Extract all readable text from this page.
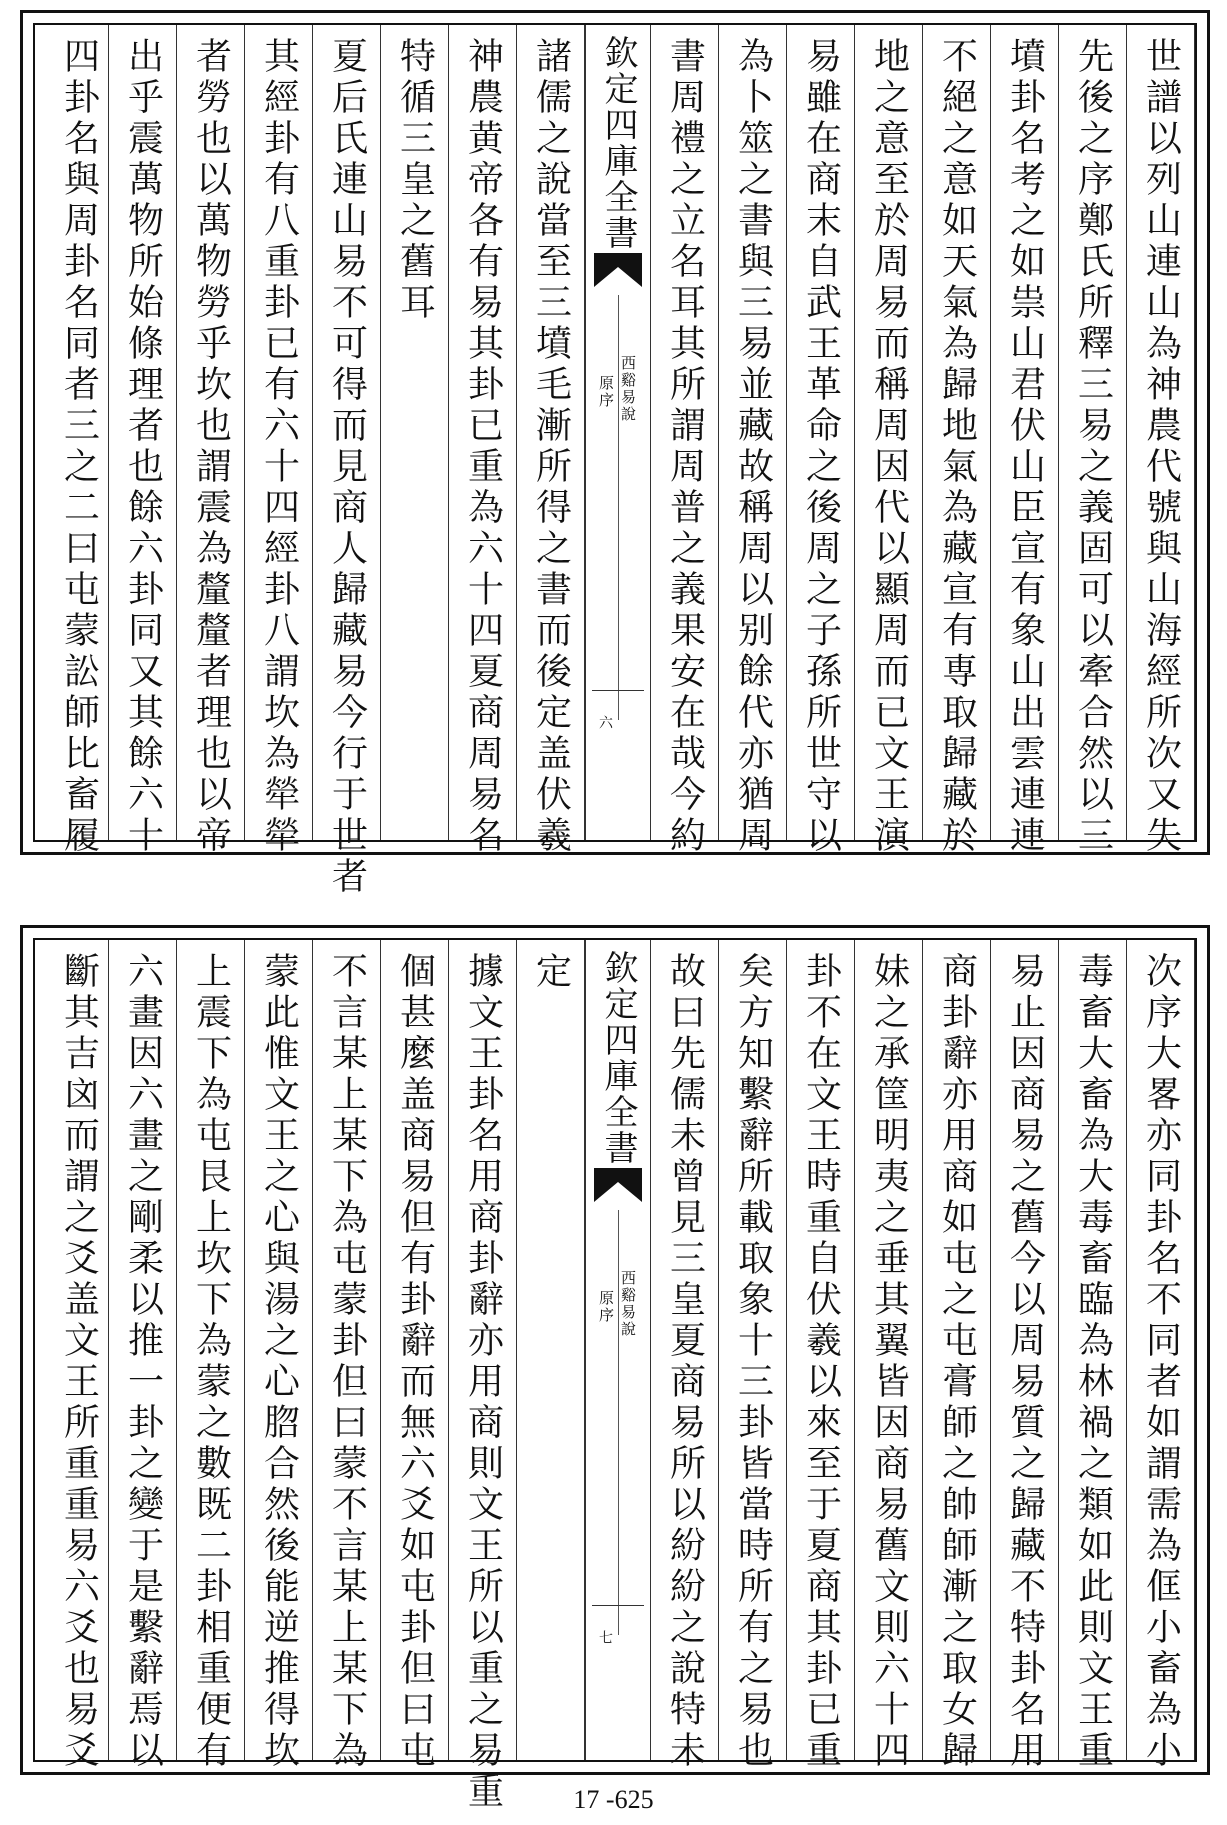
世譜以列山連山為神農代號與山海經所次又失
先後之序鄭氏所釋三易之義固可以牽合然以三
墳卦名考之如祟山君伏山臣宣有象山出雲連連
不絕之意如天氣為歸地氣為藏宣有専取歸藏於
地之意至於周易而稱周因代以顯周而已文王演
易雖在商末自武王革命之後周之子孫所世守以
為卜筮之書與三易並藏故稱周以别餘代亦猶周
書周禮之立名耳其所謂周普之義果安在哉今約
欽定四庫全書
西谿易說
原序
六
諸儒之說當至三墳毛漸所得之書而後定盖伏羲
神農黄帝各有易其卦已重為六十四夏商周易名
特循三皇之舊耳
夏后氏連山易不可得而見商人歸藏易今行于世者
其經卦有八重卦已有六十四經卦八謂坎為犖犖
者勞也以萬物勞乎坎也謂震為釐釐者理也以帝
出乎震萬物所始條理者也餘六卦同又其餘六十
四卦名與周卦名同者三之二曰屯蒙訟師比畜履
次序大畧亦同卦名不同者如謂需為㑌小畜為小
毒畜大畜為大毒畜臨為林禍之類如此則文王重
易止因商易之舊今以周易質之歸藏不特卦名用
商卦辭亦用商如屯之屯膏師之帥師漸之取女歸
妹之承筐明夷之垂其翼皆因商易舊文則六十四
卦不在文王時重自伏羲以來至于夏商其卦已重
矣方知繫辭所載取象十三卦皆當時所有之易也
故曰先儒未曾見三皇夏商易所以紛紛之說特未
欽定四庫全書
西谿易說
原序
七
定
據文王卦名用商卦辭亦用商則文王所以重之易重
個甚麼盖商易但有卦辭而無六爻如屯卦但曰屯
不言某上某下為屯蒙卦但曰蒙不言某上某下為
蒙此惟文王之心與湯之心脗合然後能逆推得坎
上震下為屯艮上坎下為蒙之數既二卦相重便有
六畫因六畫之剛柔以推一卦之變于是繫辭焉以
斷其吉㓙而謂之爻盖文王所重重易六爻也易爻
17 -625
